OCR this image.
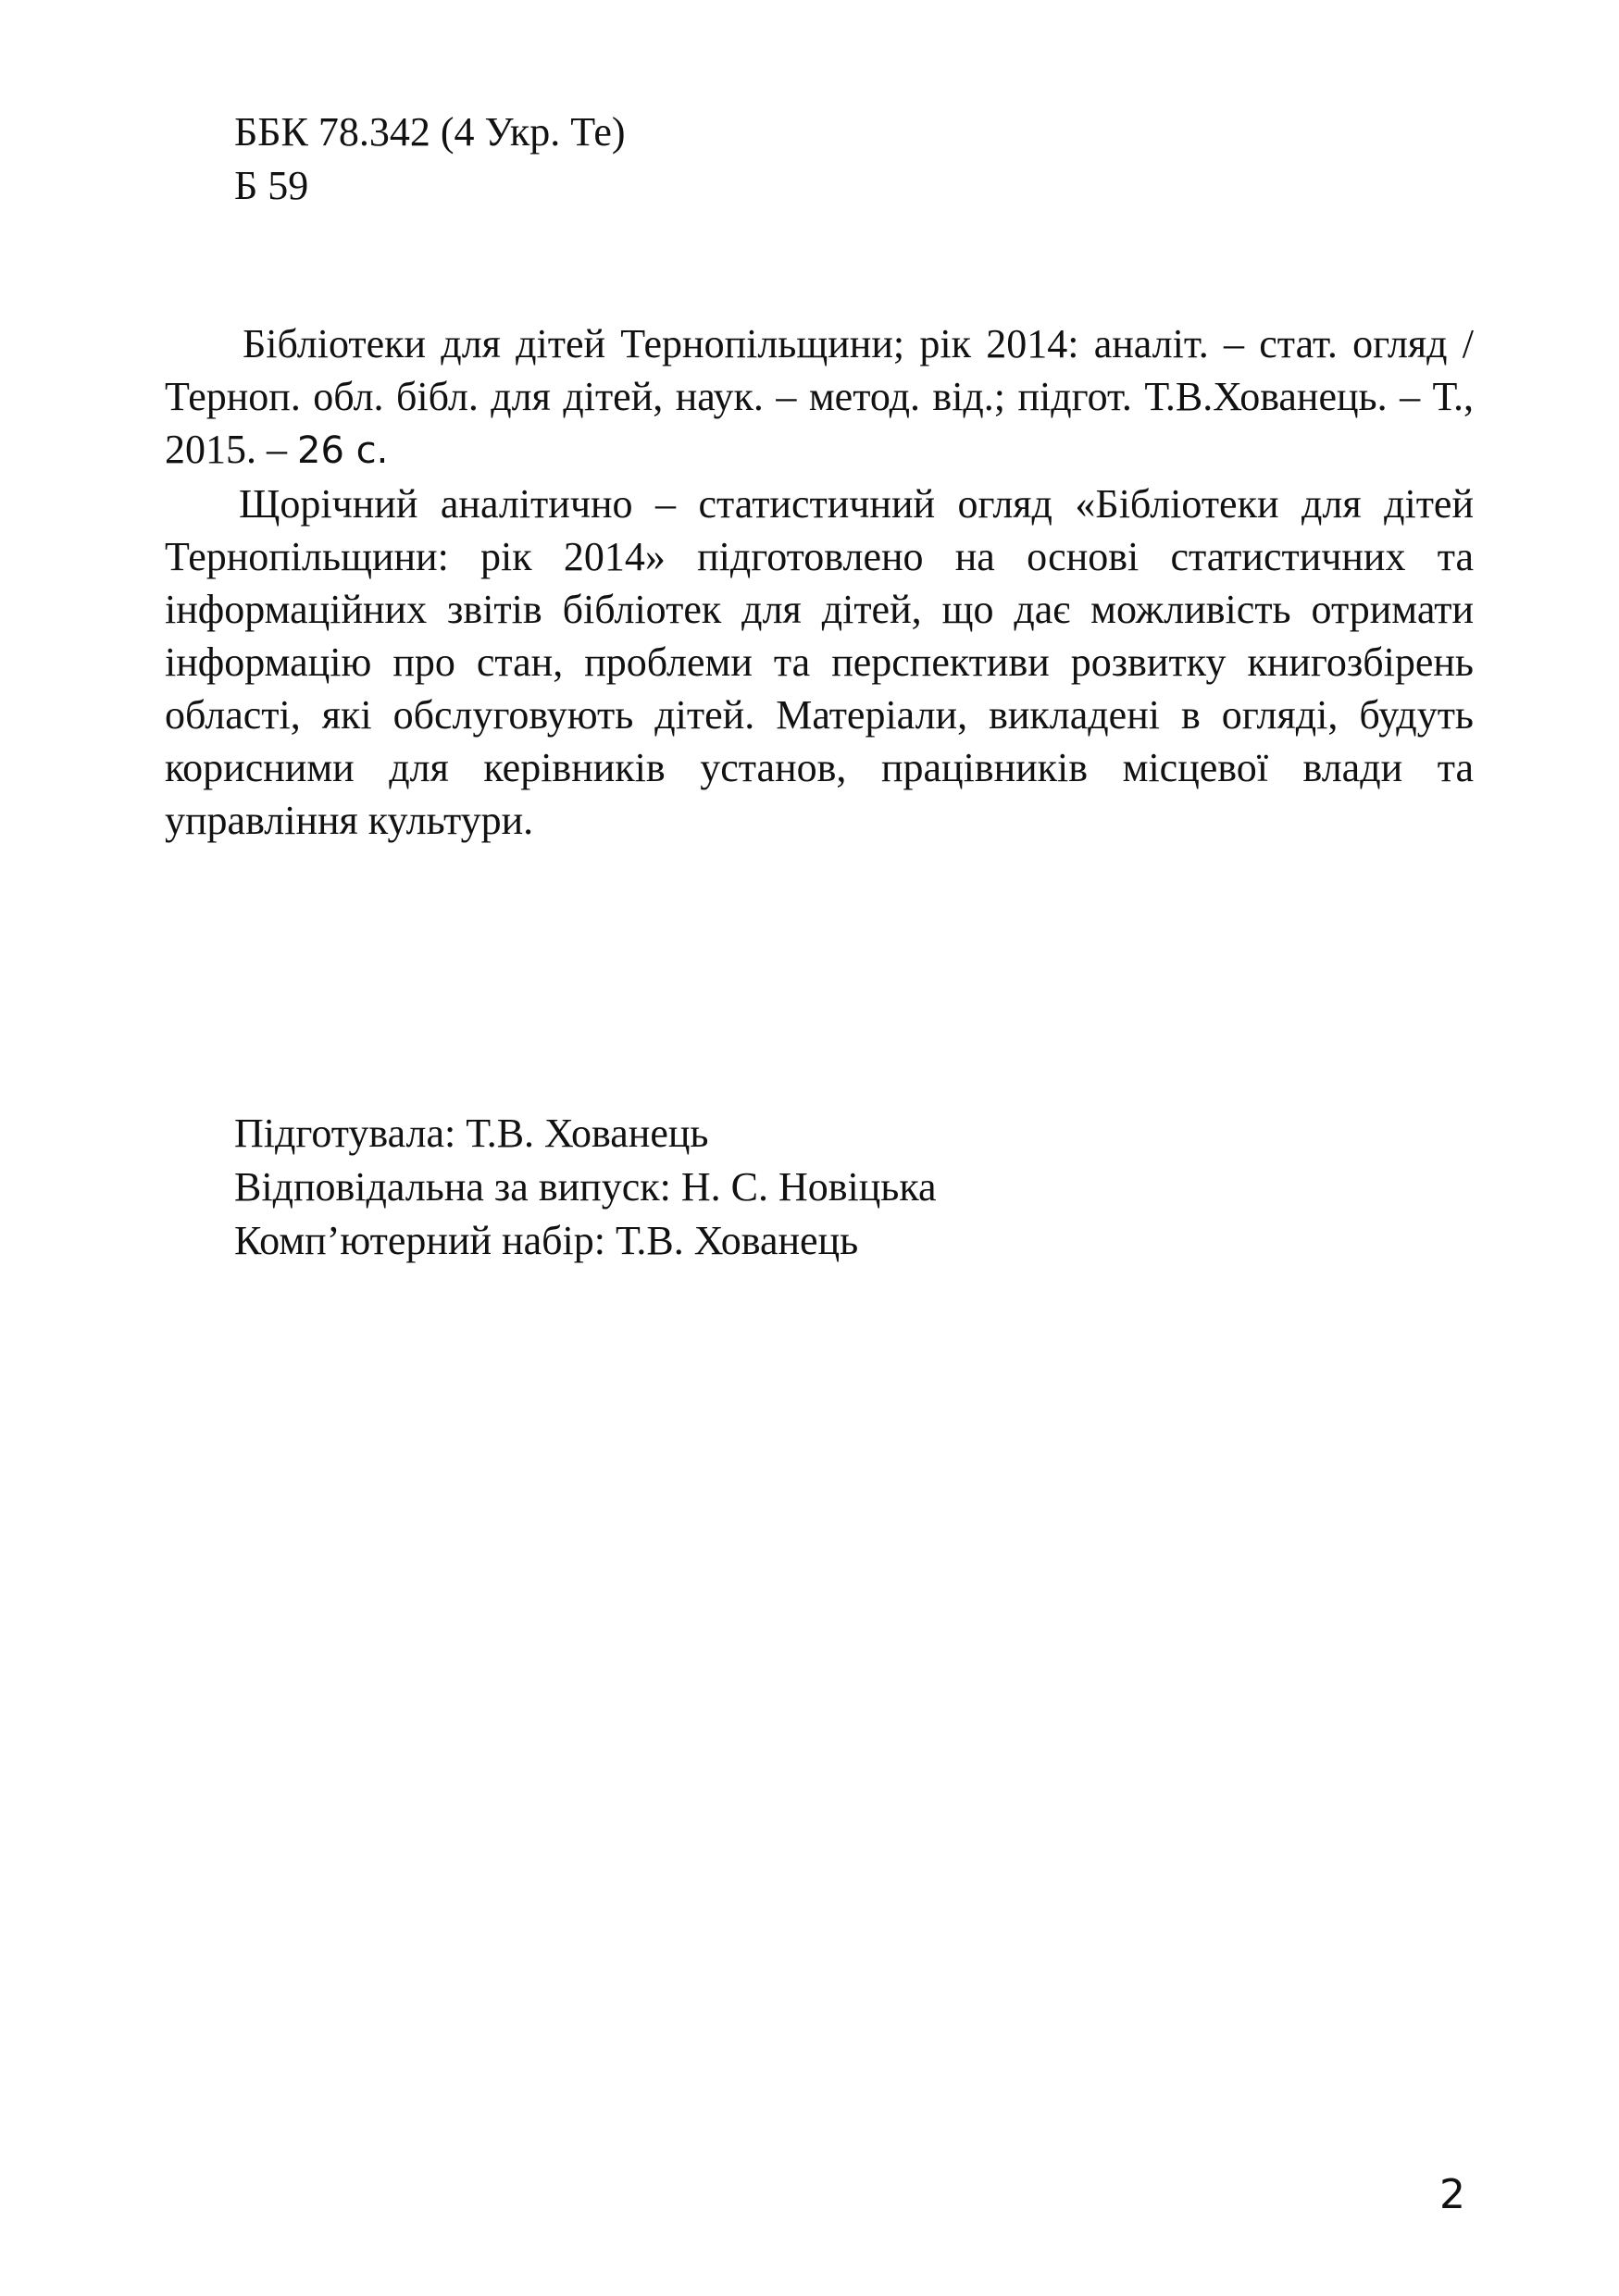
ББК 78.342 (4 Укр. Те)
Б 59

Бібліотеки для дітей Тернопільщини; рік 2014: аналіт. – стат. огляд / Терноп. обл. бібл. для дітей, наук. – метод. від.; підгот. Т.В.Хованець. – Т., 2015. – 26 с.

Щорічний аналітично – статистичний огляд «Бібліотеки для дітей Тернопільщини: рік 2014» підготовлено на основі статистичних та інформаційних звітів бібліотек для дітей, що дає можливість отримати інформацію про стан, проблеми та перспективи розвитку книгозбірень області, які обслуговують дітей. Матеріали, викладені в огляді, будуть корисними для керівників установ, працівників місцевої влади та управління культури.

Підготувала: Т.В. Хованець
Відповідальна за випуск: Н. С. Новіцька
Комп’ютерний набір: Т.В. Хованець
2
